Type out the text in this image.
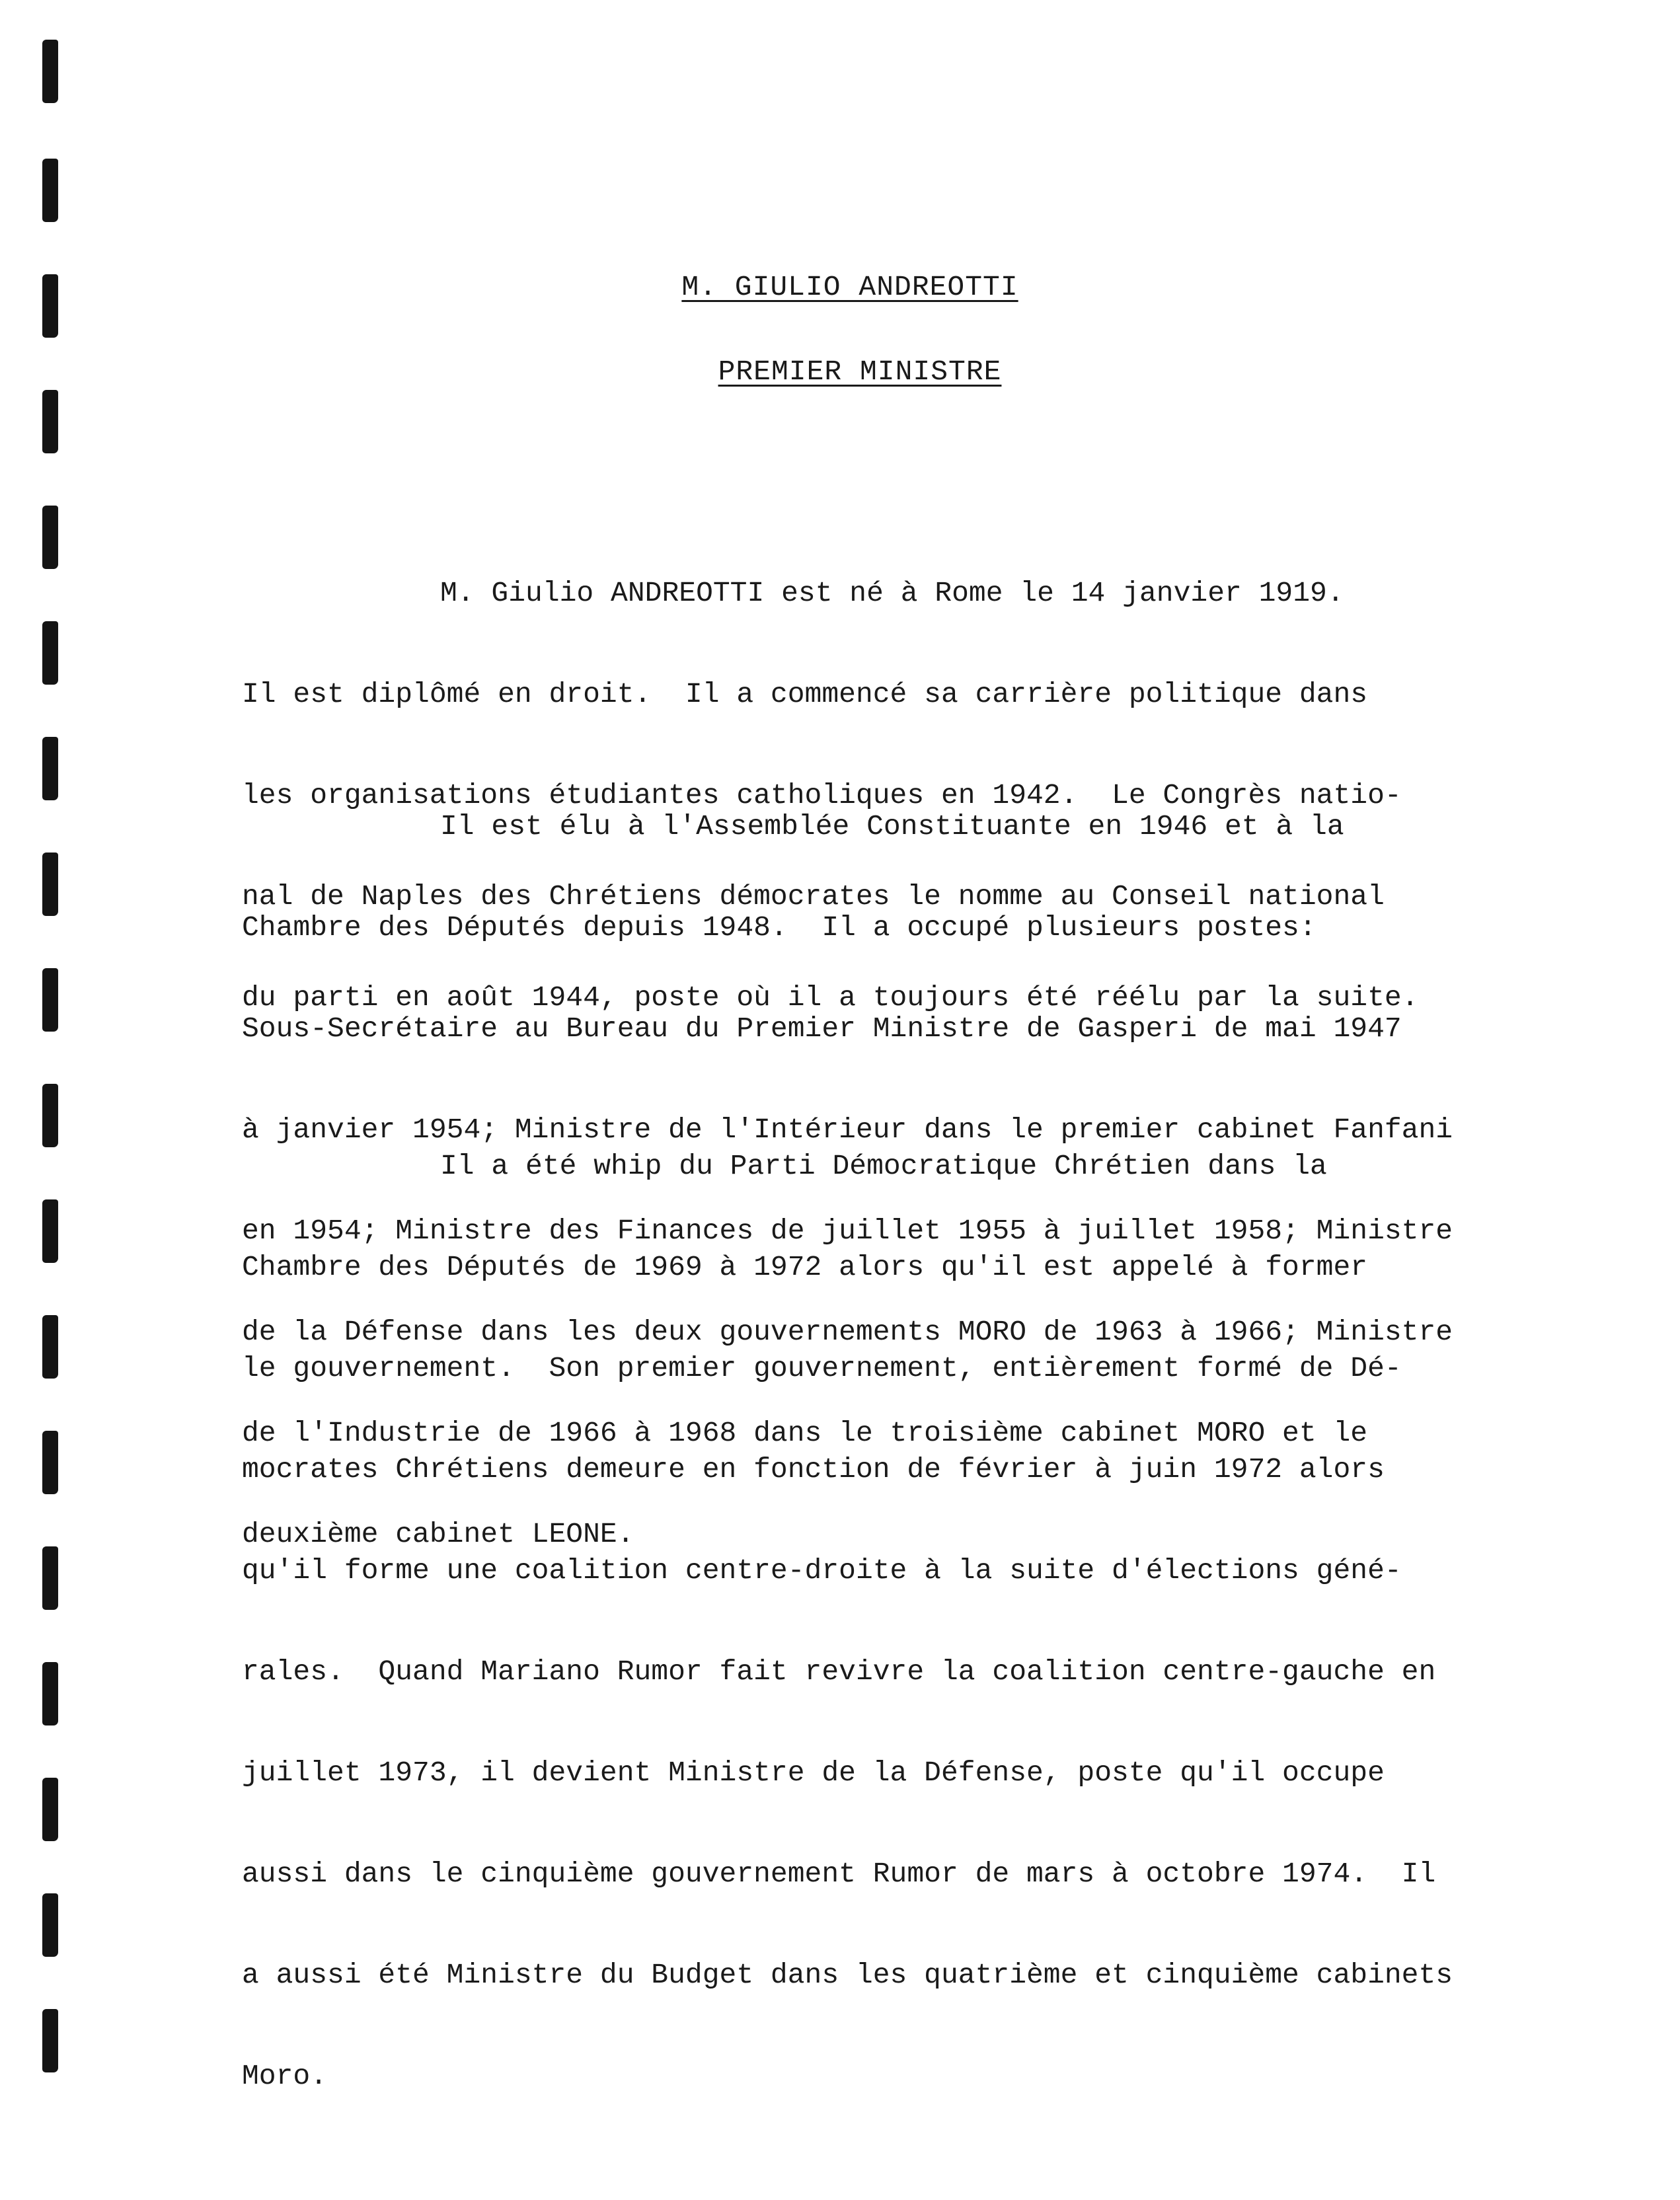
M. GIULIO ANDREOTTI
PREMIER MINISTRE

M. Giulio ANDREOTTI est né à Rome le 14 janvier 1919.

Il est diplômé en droit.  Il a commencé sa carrière politique dans

les organisations étudiantes catholiques en 1942.  Le Congrès natio-

nal de Naples des Chrétiens démocrates le nomme au Conseil national

du parti en août 1944, poste où il a toujours été réélu par la suite.

Il est élu à l'Assemblée Constituante en 1946 et à la

Chambre des Députés depuis 1948.  Il a occupé plusieurs postes:

Sous-Secrétaire au Bureau du Premier Ministre de Gasperi de mai 1947

à janvier 1954; Ministre de l'Intérieur dans le premier cabinet Fanfani

en 1954; Ministre des Finances de juillet 1955 à juillet 1958; Ministre

de la Défense dans les deux gouvernements MORO de 1963 à 1966; Ministre

de l'Industrie de 1966 à 1968 dans le troisième cabinet MORO et le

deuxième cabinet LEONE.

Il a été whip du Parti Démocratique Chrétien dans la

Chambre des Députés de 1969 à 1972 alors qu'il est appelé à former

le gouvernement.  Son premier gouvernement, entièrement formé de Dé-

mocrates Chrétiens demeure en fonction de février à juin 1972 alors

qu'il forme une coalition centre-droite à la suite d'élections géné-

rales.  Quand Mariano Rumor fait revivre la coalition centre-gauche en

juillet 1973, il devient Ministre de la Défense, poste qu'il occupe

aussi dans le cinquième gouvernement Rumor de mars à octobre 1974.  Il

a aussi été Ministre du Budget dans les quatrième et cinquième cabinets

Moro.
